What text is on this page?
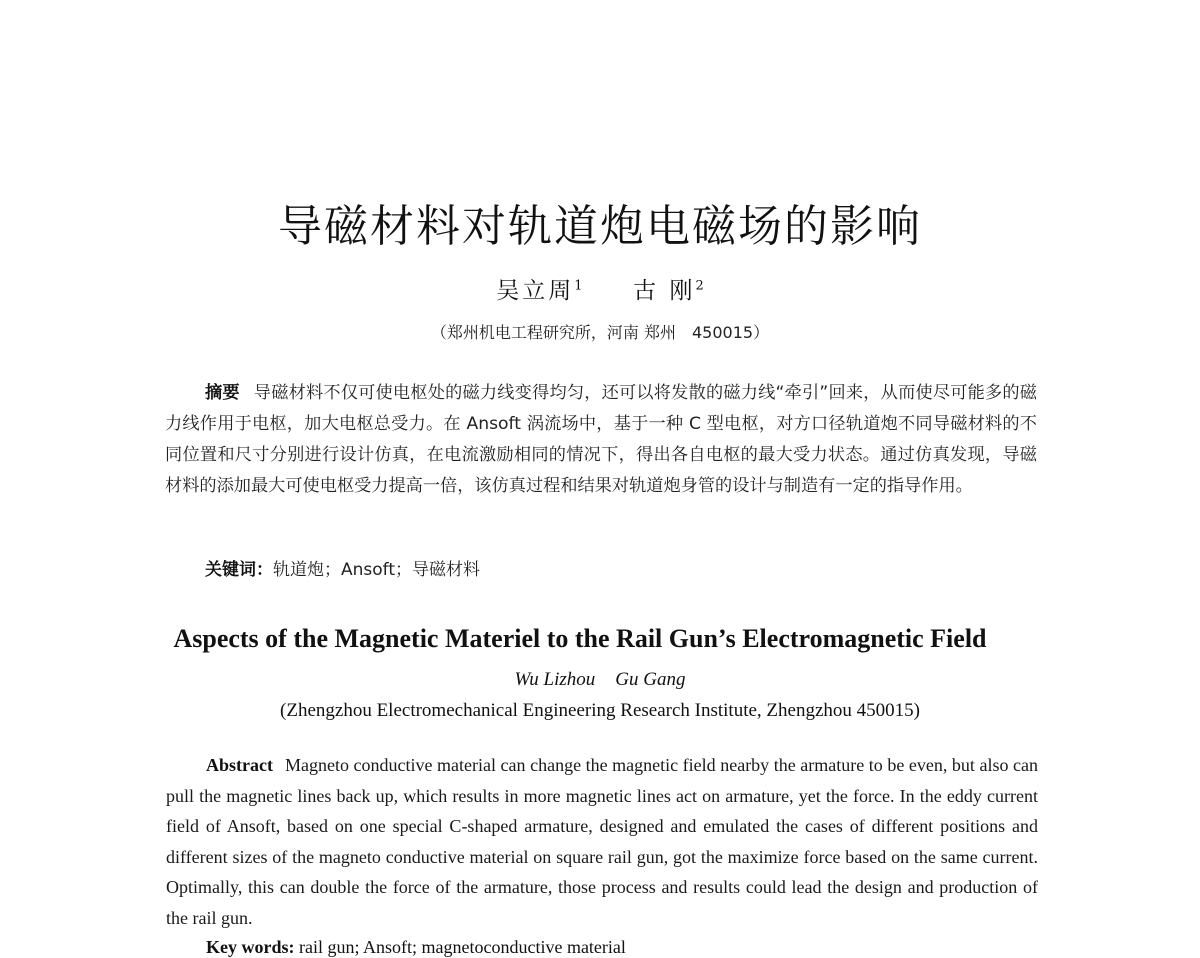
导磁材料对轨道炮电磁场的影响
吴立周$^1$ 古 刚$^2$
（郑州机电工程研究所，河南 郑州　450015）
摘要 导磁材料不仅可使电枢处的磁力线变得均匀，还可以将发散的磁力线“牵引”回来，从而使尽可能多的磁力线作用于电枢，加大电枢总受力。在 Ansoft 涡流场中，基于一种 C 型电枢，对方口径轨道炮不同导磁材料的不同位置和尺寸分别进行设计仿真，在电流激励相同的情况下，得出各自电枢的最大受力状态。通过仿真发现，导磁材料的添加最大可使电枢受力提高一倍，该仿真过程和结果对轨道炮身管的设计与制造有一定的指导作用。
关键词：轨道炮；Ansoft；导磁材料
Aspects of the Magnetic Materiel to the Rail Gun’s Electromagnetic Field
Wu Lizhou Gu Gang
(Zhengzhou Electromechanical Engineering Research Institute, Zhengzhou 450015)
Abstract Magneto conductive material can change the magnetic field nearby the armature to be even, but also can pull the magnetic lines back up, which results in more magnetic lines act on armature, yet the force. In the eddy current field of Ansoft, based on one special C-shaped armature, designed and emulated the cases of different positions and different sizes of the magneto conductive material on square rail gun, got the maximize force based on the same current. Optimally, this can double the force of the armature, those process and results could lead the design and production of the rail gun.
Key words: rail gun; Ansoft; magnetoconductive material
